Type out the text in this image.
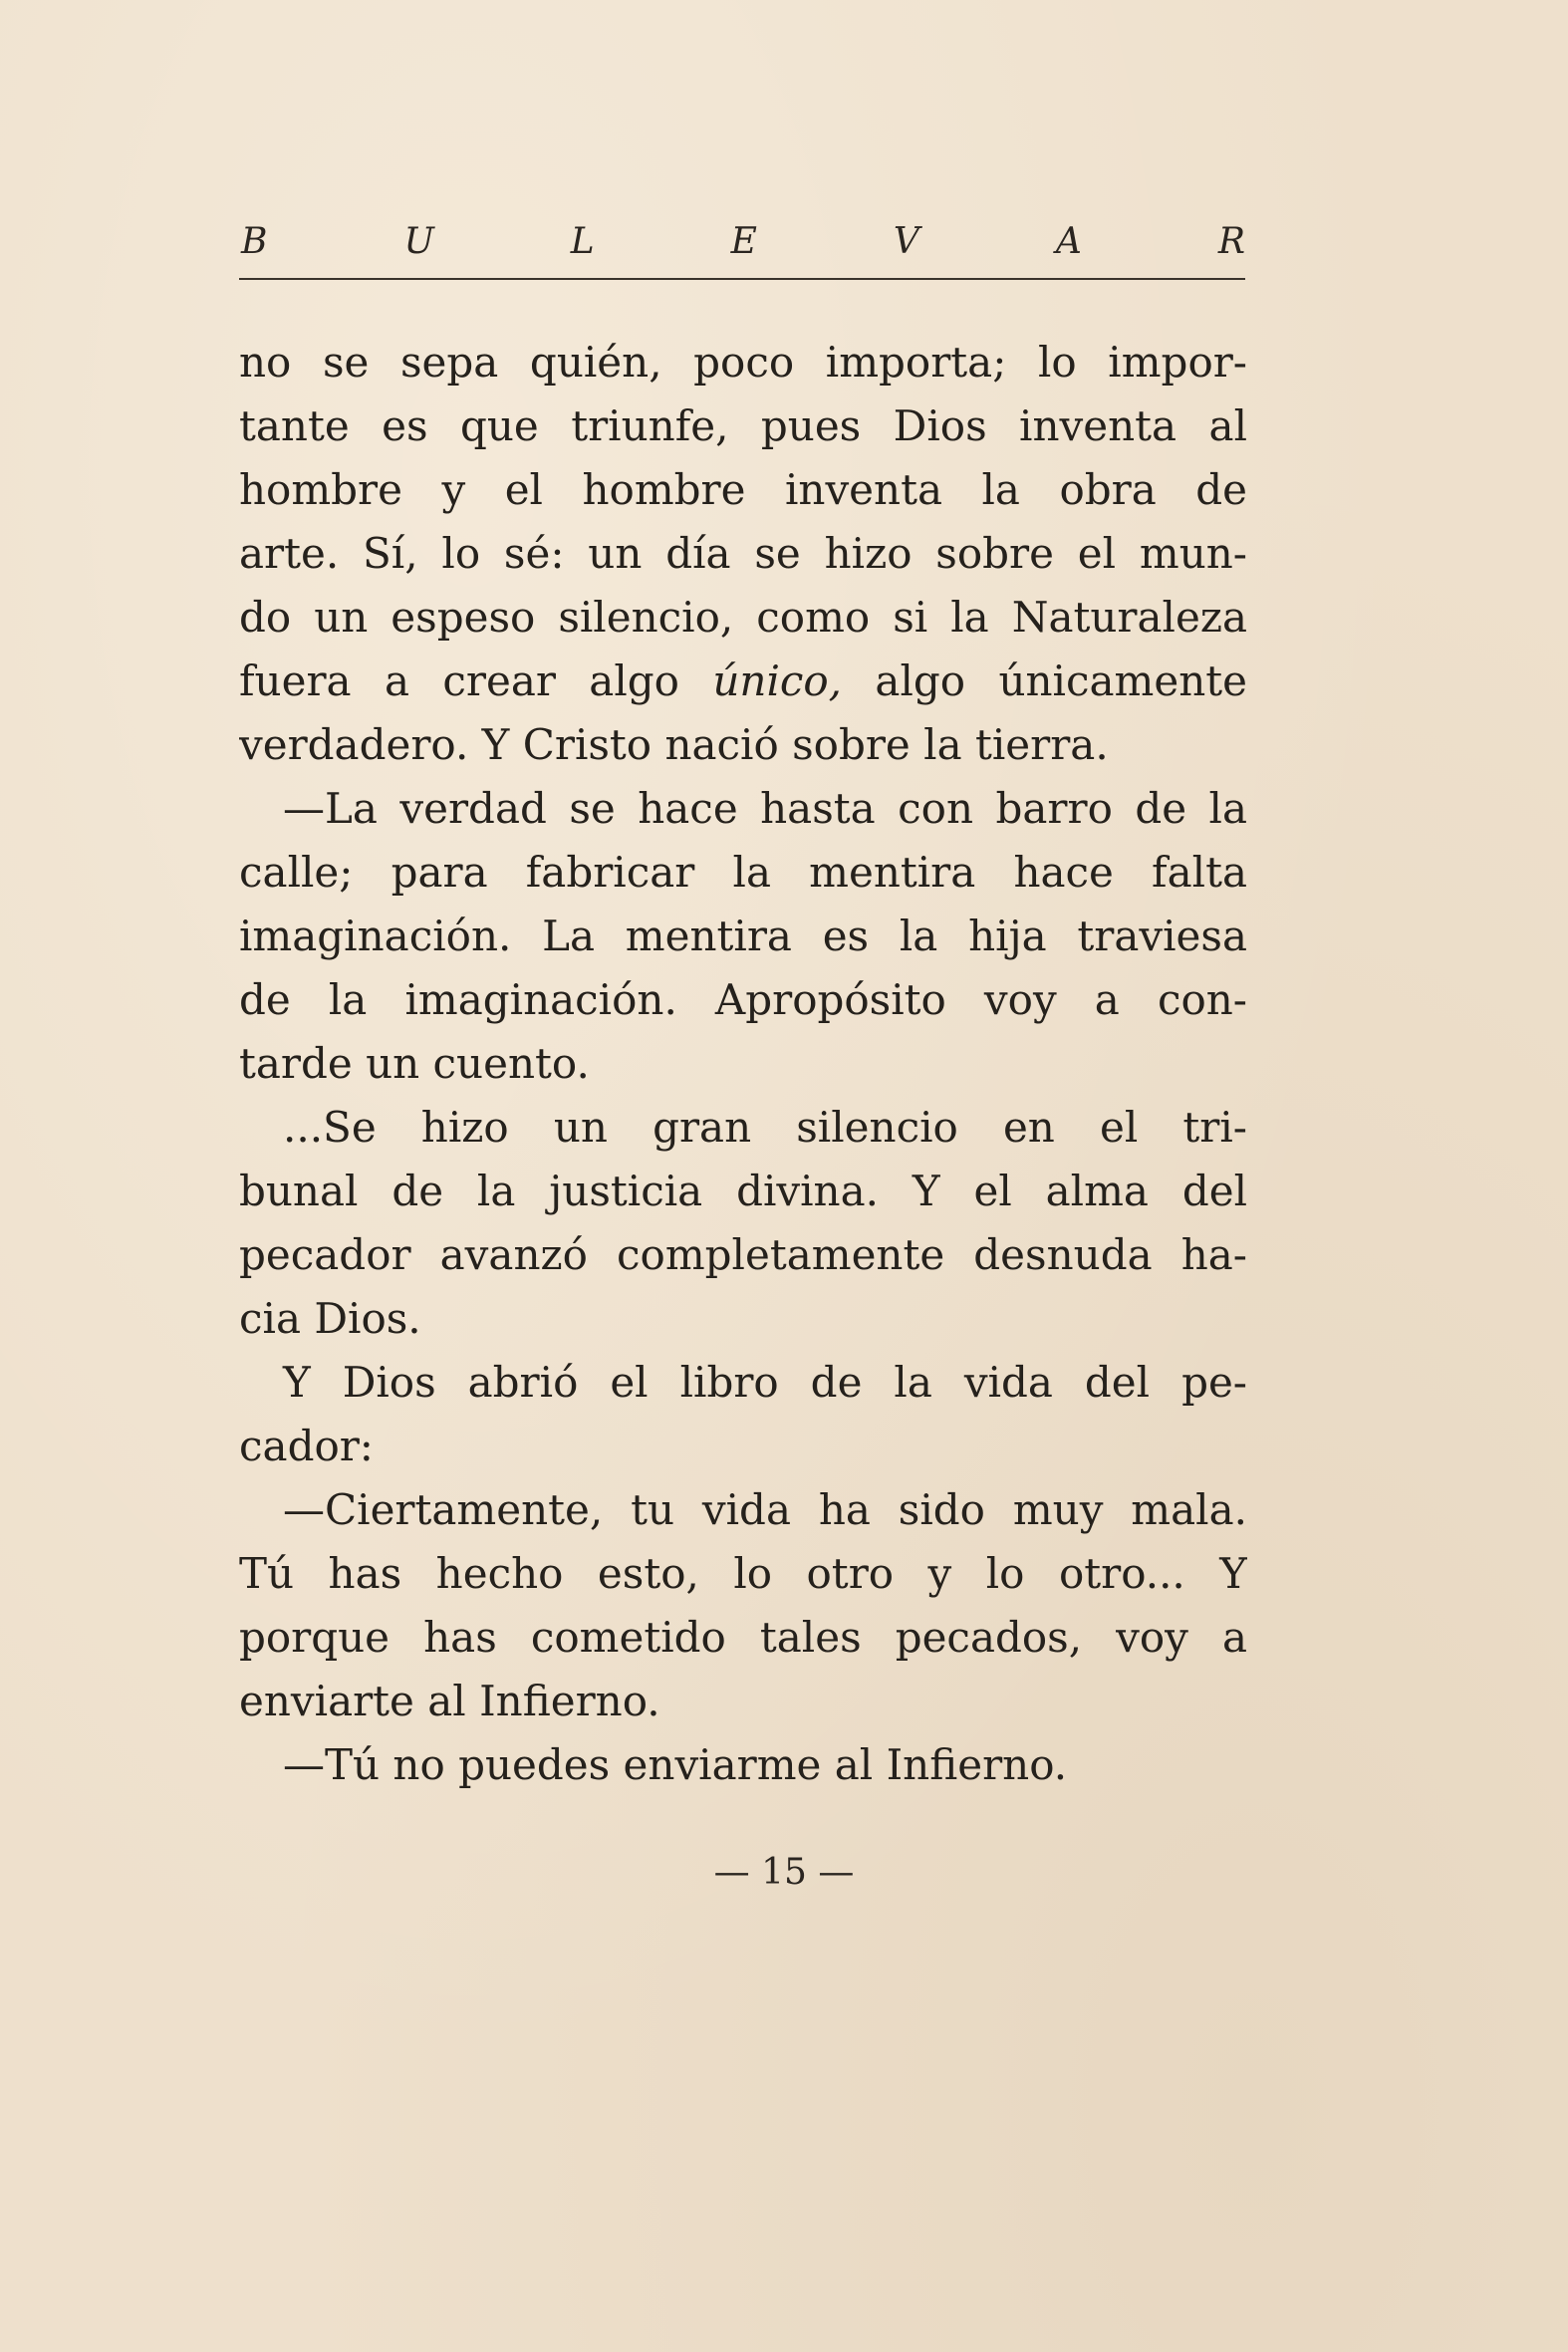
B	U	L	E	V	A	R
no se sepa quién, poco importa; lo impor-
tante es que triunfe, pues Dios inventa al
hombre y el hombre inventa la obra de
arte. Sí, lo sé: un día se hizo sobre el mun-
do un espeso silencio, como si la Naturaleza
fuera a crear algo único, algo únicamente
verdadero. Y Cristo nació sobre la tierra.
—La verdad se hace hasta con barro de la
calle; para fabricar la mentira hace falta
imaginación. La mentira es la hija traviesa
de la imaginación. Apropósito voy a con-
tarde un cuento.
...Se hizo un gran silencio en el tri-
bunal de la justicia divina. Y el alma del
pecador avanzó completamente desnuda ha-
cia Dios.
Y Dios abrió el libro de la vida del pe-
cador:
—Ciertamente, tu vida ha sido muy mala.
Tú has hecho esto, lo otro y lo otro... Y
porque has cometido tales pecados, voy a
enviarte al Infierno.
—Tú no puedes enviarme al Infierno.
— 15 —
